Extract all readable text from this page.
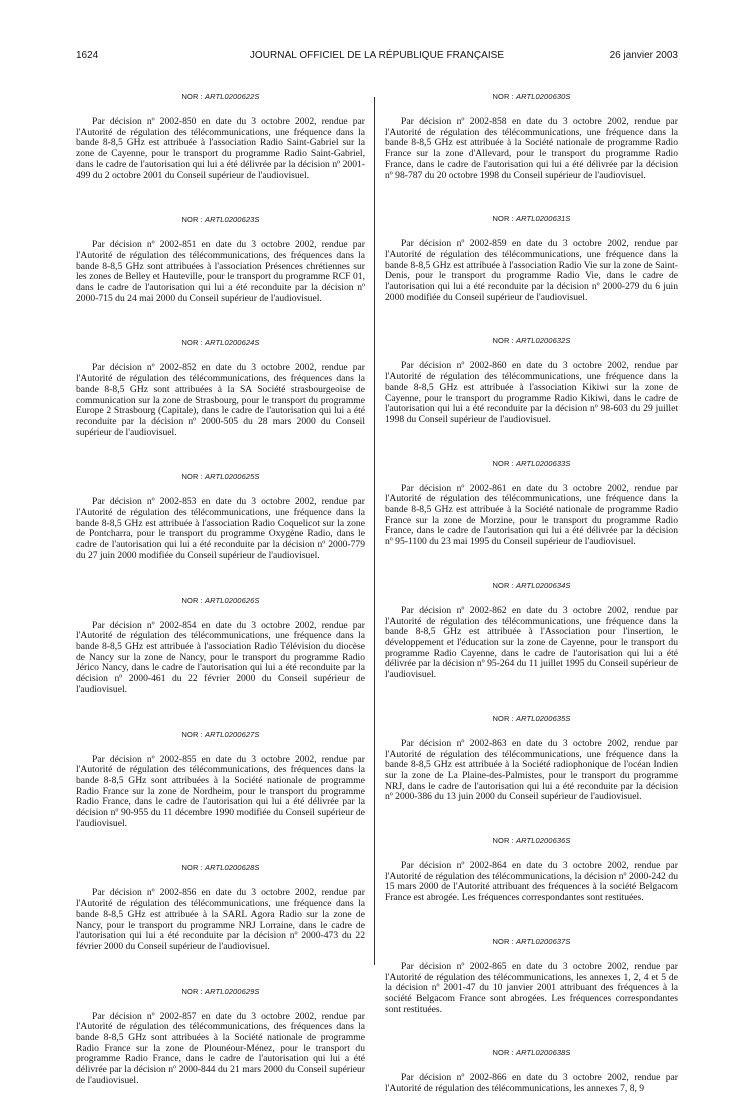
1624	JOURNAL OFFICIEL DE LA RÉPUBLIQUE FRANÇAISE	26 janvier 2003
NOR : ARTL0200622S

Par décision nº 2002-850 en date du 3 octobre 2002, rendue par l'Autorité de régulation des télécommunications, une fréquence dans la bande 8-8,5 GHz est attribuée à l'association Radio Saint-Gabriel sur la zone de Cayenne, pour le transport du programme Radio Saint-Gabriel, dans le cadre de l'autorisation qui lui a été délivrée par la décision nº 2001-499 du 2 octobre 2001 du Conseil supérieur de l'audiovisuel.

NOR : ARTL0200623S

Par décision nº 2002-851 en date du 3 octobre 2002, rendue par l'Autorité de régulation des télécommunications, des fréquences dans la bande 8-8,5 GHz sont attribuées à l'association Présences chrétiennes sur les zones de Belley et Hauteville, pour le transport du programme RCF 01, dans le cadre de l'autorisation qui lui a été reconduite par la décision nº 2000-715 du 24 mai 2000 du Conseil supérieur de l'audiovisuel.

NOR : ARTL0200624S

Par décision nº 2002-852 en date du 3 octobre 2002, rendue par l'Autorité de régulation des télécommunications, des fréquences dans la bande 8-8,5 GHz sont attribuées à la SA Société strasbourgeoise de communication sur la zone de Strasbourg, pour le transport du programme Europe 2 Strasbourg (Capitale), dans le cadre de l'autorisation qui lui a été reconduite par la décision nº 2000-505 du 28 mars 2000 du Conseil supérieur de l'audiovisuel.

NOR : ARTL0200625S

Par décision nº 2002-853 en date du 3 octobre 2002, rendue par l'Autorité de régulation des télécommunications, une fréquence dans la bande 8-8,5 GHz est attribuée à l'association Radio Coquelicot sur la zone de Pontcharra, pour le transport du programme Oxygène Radio, dans le cadre de l'autorisation qui lui a été reconduite par la décision nº 2000-779 du 27 juin 2000 modifiée du Conseil supérieur de l'audiovisuel.

NOR : ARTL0200626S

Par décision nº 2002-854 en date du 3 octobre 2002, rendue par l'Autorité de régulation des télécommunications, une fréquence dans la bande 8-8,5 GHz est attribuée à l'association Radio Télévision du diocèse de Nancy sur la zone de Nancy, pour le transport du programme Radio Jérico Nancy, dans le cadre de l'autorisation qui lui a été reconduite par la décision nº 2000-461 du 22 février 2000 du Conseil supérieur de l'audiovisuel.

NOR : ARTL0200627S

Par décision nº 2002-855 en date du 3 octobre 2002, rendue par l'Autorité de régulation des télécommunications, des fréquences dans la bande 8-8,5 GHz sont attribuées à la Société nationale de programme Radio France sur la zone de Nordheim, pour le transport du programme Radio France, dans le cadre de l'autorisation qui lui a été délivrée par la décision nº 90-955 du 11 décembre 1990 modifiée du Conseil supérieur de l'audiovisuel.

NOR : ARTL0200628S

Par décision nº 2002-856 en date du 3 octobre 2002, rendue par l'Autorité de régulation des télécommunications, une fréquence dans la bande 8-8,5 GHz est attribuée à la SARL Agora Radio sur la zone de Nancy, pour le transport du programme NRJ Lorraine, dans le cadre de l'autorisation qui lui a été reconduite par la décision nº 2000-473 du 22 février 2000 du Conseil supérieur de l'audiovisuel.

NOR : ARTL0200629S

Par décision nº 2002-857 en date du 3 octobre 2002, rendue par l'Autorité de régulation des télécommunications, des fréquences dans la bande 8-8,5 GHz sont attribuées à la Société nationale de programme Radio France sur la zone de Plounéour-Ménez, pour le transport du programme Radio France, dans le cadre de l'autorisation qui lui a été délivrée par la décision nº 2000-844 du 21 mars 2000 du Conseil supérieur de l'audiovisuel.

NOR : ARTL0200630S

Par décision nº 2002-858 en date du 3 octobre 2002, rendue par l'Autorité de régulation des télécommunications, une fréquence dans la bande 8-8,5 GHz est attribuée à la Société nationale de programme Radio France sur la zone d'Allevard, pour le transport du programme Radio France, dans le cadre de l'autorisation qui lui a été délivrée par la décision nº 98-787 du 20 octobre 1998 du Conseil supérieur de l'audiovisuel.

NOR : ARTL0200631S

Par décision nº 2002-859 en date du 3 octobre 2002, rendue par l'Autorité de régulation des télécommunications, une fréquence dans la bande 8-8,5 GHz est attribuée à l'association Radio Vie sur la zone de Saint-Denis, pour le transport du programme Radio Vie, dans le cadre de l'autorisation qui lui a été reconduite par la décision nº 2000-279 du 6 juin 2000 modifiée du Conseil supérieur de l'audiovisuel.

NOR : ARTL0200632S

Par décision nº 2002-860 en date du 3 octobre 2002, rendue par l'Autorité de régulation des télécommunications, une fréquence dans la bande 8-8,5 GHz est attribuée à l'association Kikiwi sur la zone de Cayenne, pour le transport du programme Radio Kikiwi, dans le cadre de l'autorisation qui lui a été reconduite par la décision nº 98-603 du 29 juillet 1998 du Conseil supérieur de l'audiovisuel.

NOR : ARTL0200633S

Par décision nº 2002-861 en date du 3 octobre 2002, rendue par l'Autorité de régulation des télécommunications, une fréquence dans la bande 8-8,5 GHz est attribuée à la Société nationale de programme Radio France sur la zone de Morzine, pour le transport du programme Radio France, dans le cadre de l'autorisation qui lui a été délivrée par la décision nº 95-1100 du 23 mai 1995 du Conseil supérieur de l'audiovisuel.

NOR : ARTL0200634S

Par décision nº 2002-862 en date du 3 octobre 2002, rendue par l'Autorité de régulation des télécommunications, une fréquence dans la bande 8-8,5 GHz est attribuée à l'Association pour l'insertion, le développement et l'éducation sur la zone de Cayenne, pour le transport du programme Radio Cayenne, dans le cadre de l'autorisation qui lui a été délivrée par la décision nº 95-264 du 11 juillet 1995 du Conseil supérieur de l'audiovisuel.

NOR : ARTL0200635S

Par décision nº 2002-863 en date du 3 octobre 2002, rendue par l'Autorité de régulation des télécommunications, une fréquence dans la bande 8-8,5 GHz est attribuée à la Société radiophonique de l'océan Indien sur la zone de La Plaine-des-Palmistes, pour le transport du programme NRJ, dans le cadre de l'autorisation qui lui a été reconduite par la décision nº 2000-386 du 13 juin 2000 du Conseil supérieur de l'audiovisuel.

NOR : ARTL0200636S

Par décision nº 2002-864 en date du 3 octobre 2002, rendue par l'Autorité de régulation des télécommunications, la décision nº 2000-242 du 15 mars 2000 de l'Autorité attribuant des fréquences à la société Belgacom France est abrogée. Les fréquences correspondantes sont restituées.

NOR : ARTL0200637S

Par décision nº 2002-865 en date du 3 octobre 2002, rendue par l'Autorité de régulation des télécommunications, les annexes 1, 2, 4 et 5 de la décision nº 2001-47 du 10 janvier 2001 attribuant des fréquences à la société Belgacom France sont abrogées. Les fréquences correspondantes sont restituées.

NOR : ARTL0200638S

Par décision nº 2002-866 en date du 3 octobre 2002, rendue par l'Autorité de régulation des télécommunications, les annexes 7, 8, 9
